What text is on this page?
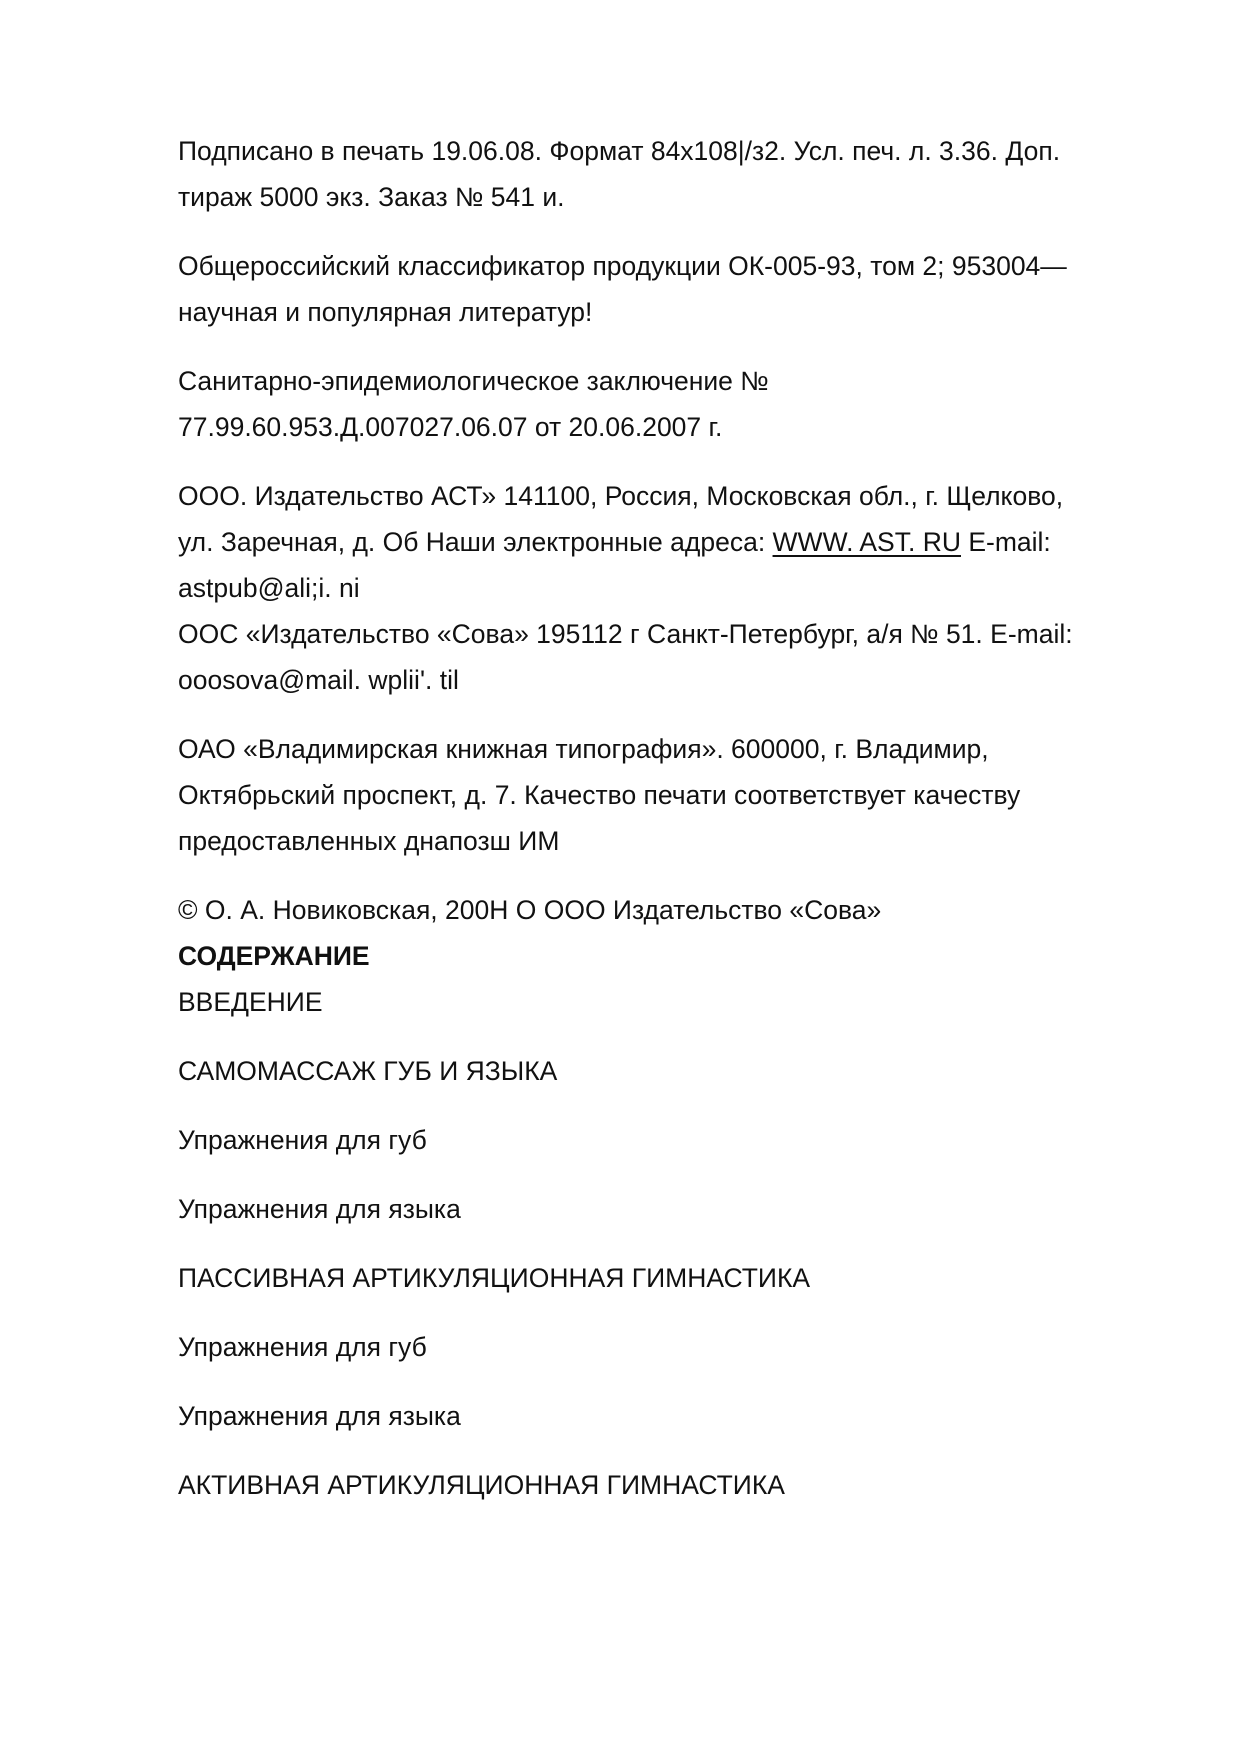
Подписано в печать 19.06.08. Формат 84x108|/з2. Усл. печ. л. 3.36. Доп.
тираж 5000 экз. Заказ № 541 и.
Общероссийский классификатор продукции ОК-005-93, том 2; 953004—
научная и популярная литератур!
Санитарно-эпидемиологическое заключение №
77.99.60.953.Д.007027.06.07 от 20.06.2007 г.
ООО. Издательство АСТ» 141100, Россия, Московская обл., г. Щелково,
ул. Заречная, д. Об Наши электронные адреса: WWW. AST. RU E-mail:
astpub@ali;i. ni
ООС «Издательство «Сова» 195112 г Санкт-Петербург, а/я № 51. E-mail:
ooosova@mail. wplii'. til
ОАО «Владимирская книжная типография». 600000, г. Владимир,
Октябрьский проспект, д. 7. Качество печати соответствует качеству
предоставленных днапозш ИМ
© О. А. Новиковская, 200Н О ООО Издательство «Сова»
СОДЕРЖАНИЕ
ВВЕДЕНИЕ
САМОМАССАЖ ГУБ И ЯЗЫКА
Упражнения для губ
Упражнения для языка
ПАССИВНАЯ АРТИКУЛЯЦИОННАЯ ГИМНАСТИКА
Упражнения для губ
Упражнения для языка
АКТИВНАЯ АРТИКУЛЯЦИОННАЯ ГИМНАСТИКА
